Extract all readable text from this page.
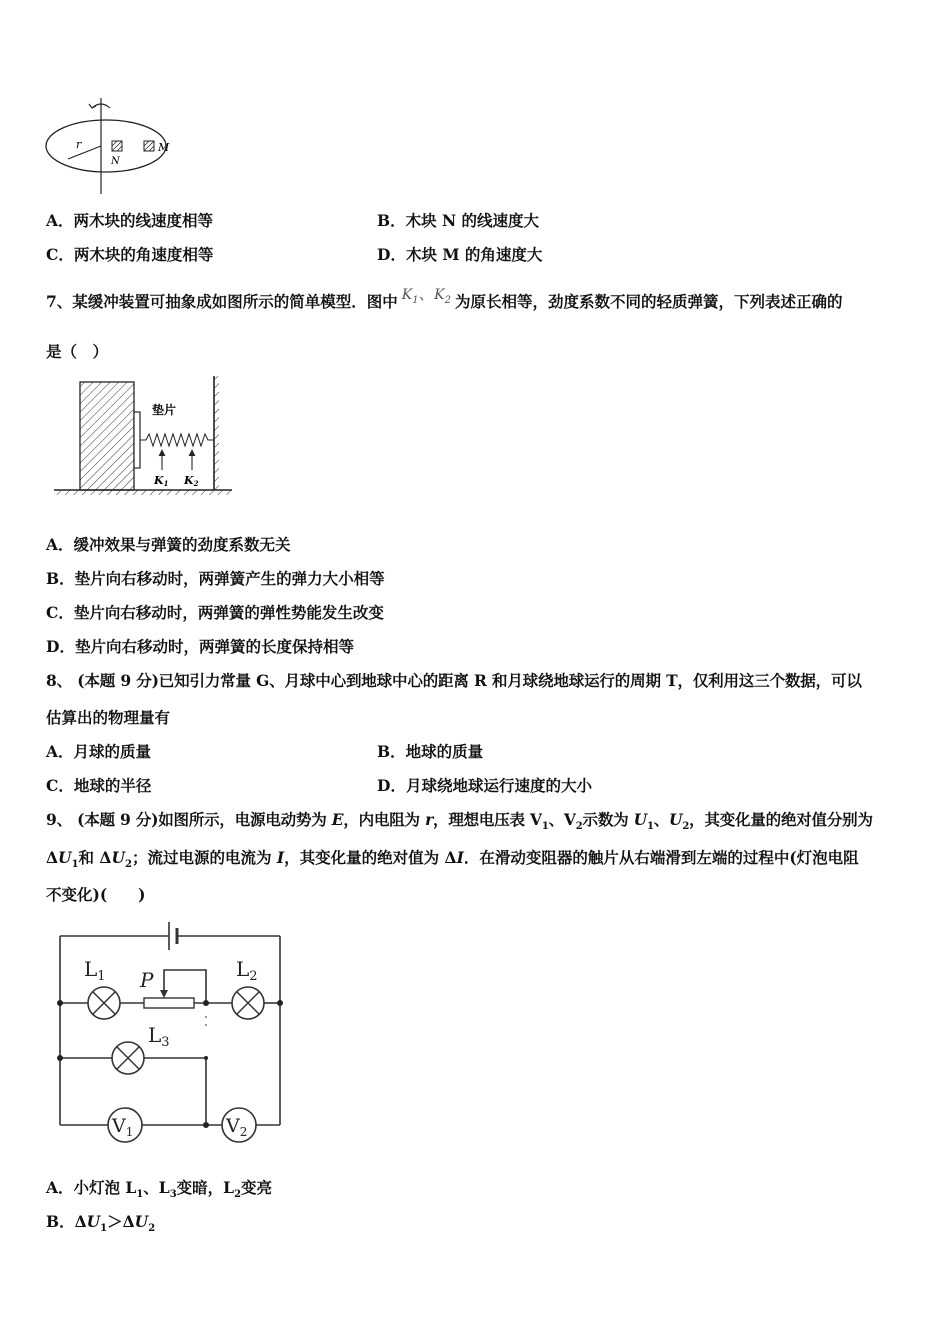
r
N
M
A．两木块的线速度相等	B．木块 N 的线速度大
C．两木块的角速度相等	D．木块 M 的角速度大
7、某缓冲装置可抽象成如图所示的简单模型．图中 $K_1$、$K_2$ 为原长相等，劲度系数不同的轻质弹簧，下列表述正确的
是（　）
垫片
K1 K2
A．缓冲效果与弹簧的劲度系数无关
B．垫片向右移动时，两弹簧产生的弹力大小相等
C．垫片向右移动时，两弹簧的弹性势能发生改变
D．垫片向右移动时，两弹簧的长度保持相等
8、 (本题 9 分)已知引力常量 G、月球中心到地球中心的距离 R 和月球绕地球运行的周期 T，仅利用这三个数据，可以
估算出的物理量有
A．月球的质量	B．地球的质量
C．地球的半径	D．月球绕地球运行速度的大小
9、 (本题 9 分)如图所示，电源电动势为 E，内电阻为 r，理想电压表 $V_1$、$V_2$示数为 $U_1$、$U_2$，其变化量的绝对值分别为
$\Delta U_1$和 $\Delta U_2$；流过电源的电流为 I，其变化量的绝对值为 ΔI．在滑动变阻器的触片从右端滑到左端的过程中(灯泡电阻
不变化)(　　)
$L_1$	$L_2$
$L_3$
P
$V_1$	$V_2$
A．小灯泡 $L_1$、$L_3$变暗，$L_2$变亮
B．$\Delta U_1>\Delta U_2$
